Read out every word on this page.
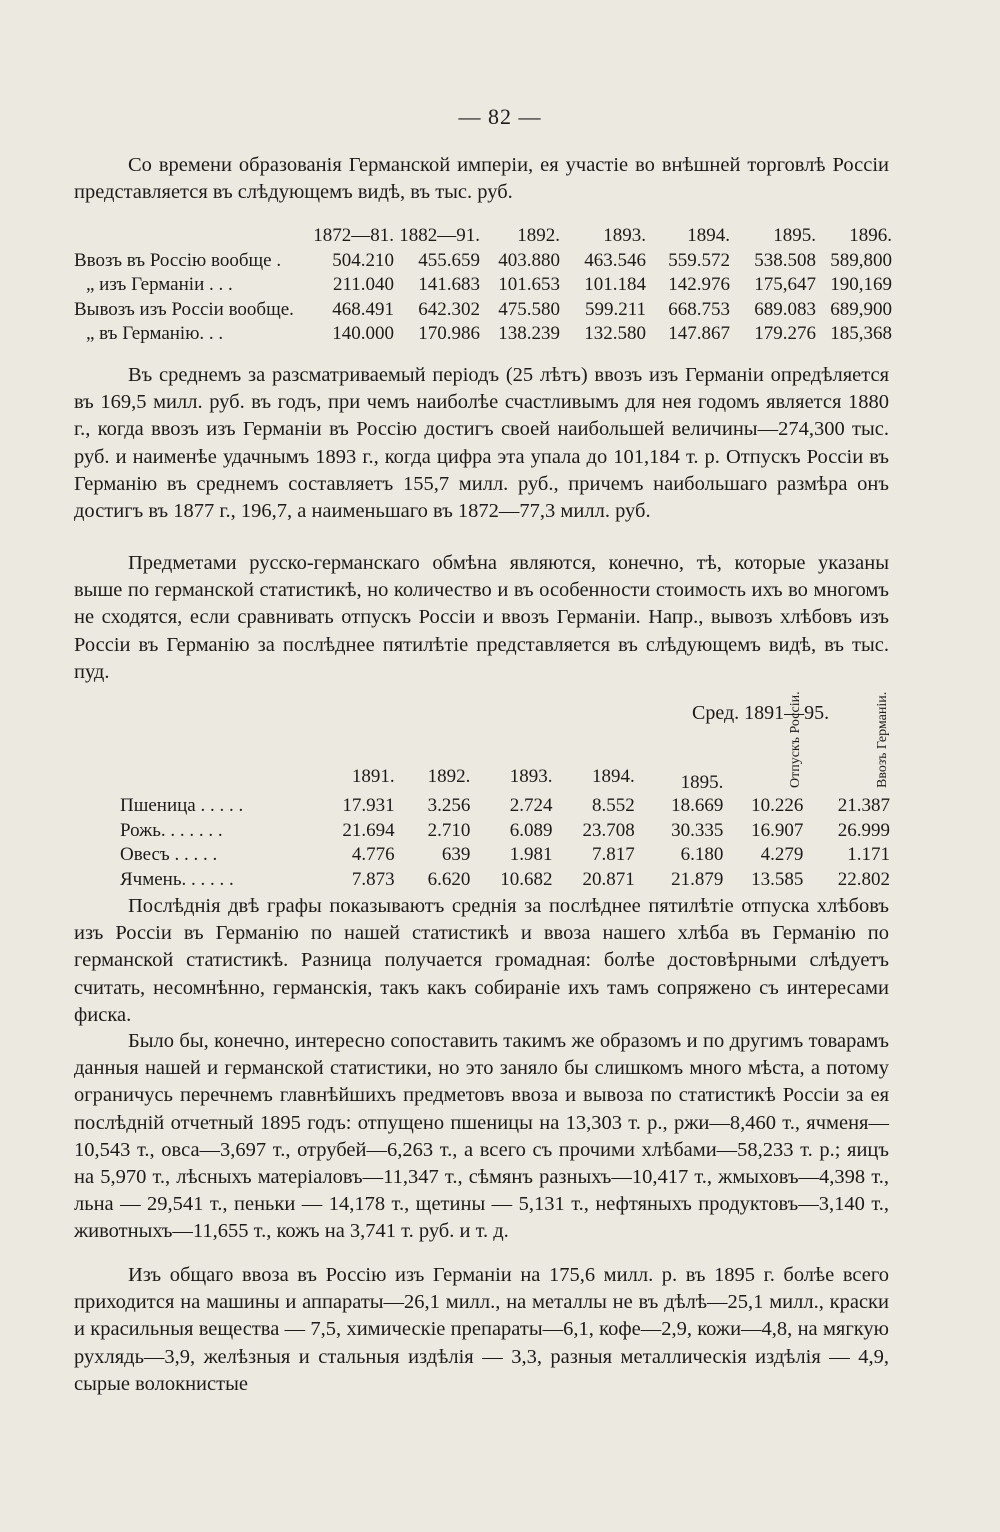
— 82 —

Со времени образованія Германской имперіи, ея участіе во внѣшней торговлѣ Россіи представляется въ слѣдующемъ видѣ, въ тыс. руб.

	1872—81.	1882—91.	1892.	1893.	1894.	1895.	1896.
Ввозъ въ Россію вообще .	504.210	455.659	403.880	463.546	559.572	538.508	589,800
„ изъ Германіи . . .	211.040	141.683	101.653	101.184	142.976	175,647	190,169
Вывозъ изъ Россіи вообще.	468.491	642.302	475.580	599.211	668.753	689.083	689,900
„ въ Германію. . .	140.000	170.986	138.239	132.580	147.867	179.276	185,368

Въ среднемъ за разсматриваемый періодъ (25 лѣтъ) ввозъ изъ Германіи опредѣляется въ 169,5 милл. руб. въ годъ, при чемъ наиболѣе счастливымъ для нея годомъ является 1880 г., когда ввозъ изъ Германіи въ Россію достигъ своей наибольшей величины—274,300 тыс. руб. и наименѣе удачнымъ 1893 г., когда цифра эта упала до 101,184 т. р. Отпускъ Россіи въ Германію въ среднемъ составляетъ 155,7 милл. руб., причемъ наибольшаго размѣра онъ достигъ въ 1877 г., 196,7, а наименьшаго въ 1872—77,3 милл. руб.

Предметами русско-германскаго обмѣна являются, конечно, тѣ, которые указаны выше по германской статистикѣ, но количество и въ особенности стоимость ихъ во многомъ не сходятся, если сравнивать отпускъ Россіи и ввозъ Германіи. Напр., вывозъ хлѣбовъ изъ Россіи въ Германію за послѣднее пятилѣтіе представляется въ слѣдующемъ видѣ, въ тыс. пуд.

Сред. 1891—95.
	1891.	1892.	1893.	1894.	1895.	Отпускъ Россіи.	Ввозъ Германіи.
Пшеница . . . . .	17.931	3.256	2.724	8.552	18.669	10.226	21.387
Рожь. . . . . . .	21.694	2.710	6.089	23.708	30.335	16.907	26.999
Овесъ . . . . .	4.776	639	1.981	7.817	6.180	4.279	1.171
Ячмень. . . . . .	7.873	6.620	10.682	20.871	21.879	13.585	22.802

Послѣднія двѣ графы показываютъ среднія за послѣднее пятилѣтіе отпуска хлѣбовъ изъ Россіи въ Германію по нашей статистикѣ и ввоза нашего хлѣба въ Германію по германской статистикѣ. Разница получается громадная: болѣе достовѣрными слѣдуетъ считать, несомнѣнно, германскія, такъ какъ собираніе ихъ тамъ сопряжено съ интересами фиска.

Было бы, конечно, интересно сопоставить такимъ же образомъ и по другимъ товарамъ данныя нашей и германской статистики, но это заняло бы слишкомъ много мѣста, а потому ограничусь перечнемъ главнѣйшихъ предметовъ ввоза и вывоза по статистикѣ Россіи за ея послѣдній отчетный 1895 годъ: отпущено пшеницы на 13,303 т. р., ржи—8,460 т., ячменя—10,543 т., овса—3,697 т., отрубей—6,263 т., а всего съ прочими хлѣбами—58,233 т. р.; яицъ на 5,970 т., лѣсныхъ матеріаловъ—11,347 т., сѣмянъ разныхъ—10,417 т., жмыховъ—4,398 т., льна — 29,541 т., пеньки — 14,178 т., щетины — 5,131 т., нефтяныхъ продуктовъ—3,140 т., животныхъ—11,655 т., кожъ на 3,741 т. руб. и т. д.

Изъ общаго ввоза въ Россію изъ Германіи на 175,6 милл. р. въ 1895 г. болѣе всего приходится на машины и аппараты—26,1 милл., на металлы не въ дѣлѣ—25,1 милл., краски и красильныя вещества — 7,5, химическіе препараты—6,1, кофе—2,9, кожи—4,8, на мягкую рухлядь—3,9, желѣзныя и стальныя издѣлія — 3,3, разныя металлическія издѣлія — 4,9, сырые волокнистые
